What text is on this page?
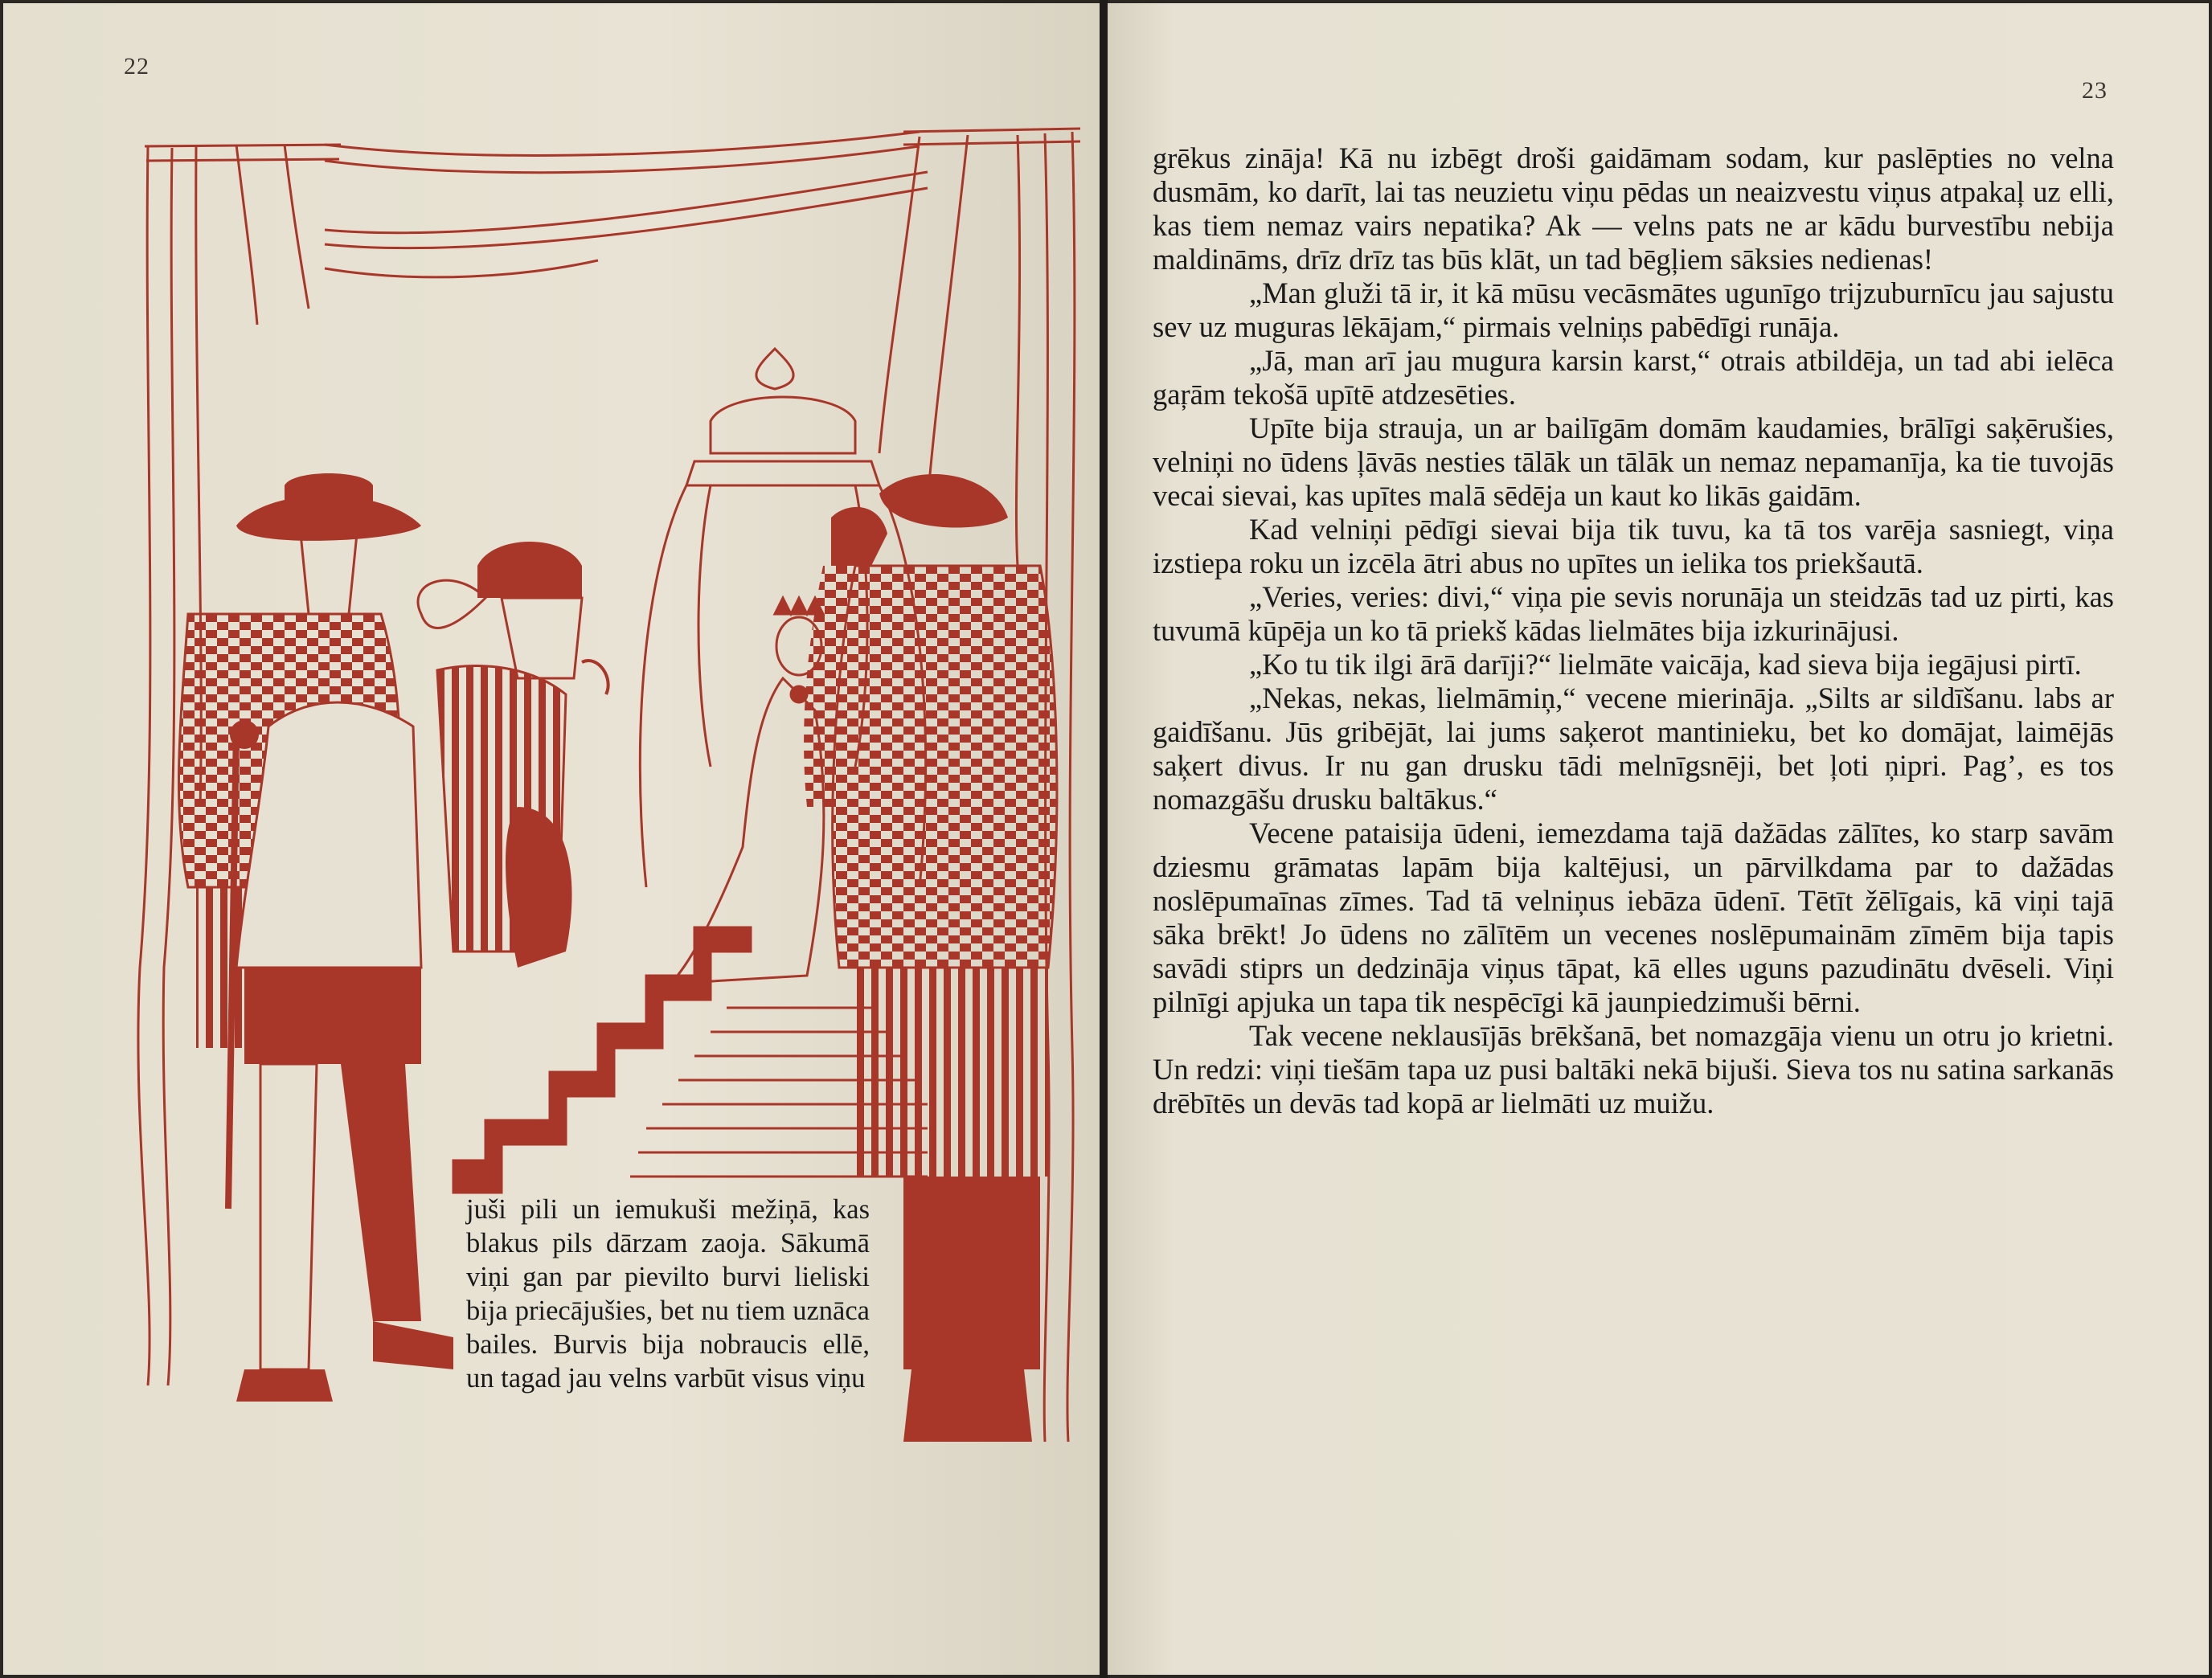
22

juši pili un iemukuši mežiņā, kas blakus pils dārzam zaoja. Sākumā viņi gan par pievilto burvi lieliski bija priecājušies, bet nu tiem uznāca bailes. Burvis bija nobraucis ellē, un tagad jau velns varbūt visus viņu

23

grēkus zināja! Kā nu izbēgt droši gaidāmam sodam, kur paslēpties no velna dusmām, ko darīt, lai tas neuzietu viņu pēdas un neaizvestu viņus atpakaļ uz elli, kas tiem nemaz vairs nepatika? Ak — velns pats ne ar kādu burvestību nebija maldināms, drīz drīz tas būs klāt, un tad bēgļiem sāksies nedienas!

„Man gluži tā ir, it kā mūsu vecāsmātes ugunīgo trijzuburnīcu jau sajustu sev uz muguras lēkājam,“ pirmais velniņs pabēdīgi runāja.

„Jā, man arī jau mugura karsin karst,“ otrais atbildēja, un tad abi ielēca gaŗām tekošā upītē atdzesēties.

Upīte bija strauja, un ar bailīgām domām kaudamies, brālīgi saķērušies, velniņi no ūdens ļāvās nesties tālāk un tālāk un nemaz nepamanīja, ka tie tuvojās vecai sievai, kas upītes malā sēdēja un kaut ko likās gaidām.

Kad velniņi pēdīgi sievai bija tik tuvu, ka tā tos varēja sasniegt, viņa izstiepa roku un izcēla ātri abus no upītes un ielika tos priekšautā.

„Veries, veries: divi,“ viņa pie sevis norunāja un steidzās tad uz pirti, kas tuvumā kūpēja un ko tā priekš kādas lielmātes bija izkurinājusi.

„Ko tu tik ilgi ārā darīji?“ lielmāte vaicāja, kad sieva bija iegājusi pirtī.

„Nekas, nekas, lielmāmiņ,“ vecene mierināja. „Silts ar sildīšanu. labs ar gaidīšanu. Jūs gribējāt, lai jums saķerot mantinieku, bet ko domājat, laimējās saķert divus. Ir nu gan drusku tādi melnīgsnēji, bet ļoti ņipri. Pag’, es tos nomazgāšu drusku baltākus.“

Vecene pataisija ūdeni, iemezdama tajā dažādas zālītes, ko starp savām dziesmu grāmatas lapām bija kaltējusi, un pārvilkdama par to dažādas noslēpumaīnas zīmes. Tad tā velniņus iebāza ūdenī. Tētīt žēlīgais, kā viņi tajā sāka brēkt! Jo ūdens no zālītēm un vecenes noslēpumainām zīmēm bija tapis savādi stiprs un dedzināja viņus tāpat, kā elles uguns pazudinātu dvēseli. Viņi pilnīgi apjuka un tapa tik nespēcīgi kā jaunpiedzimuši bērni.

Tak vecene neklausījās brēkšanā, bet nomazgāja vienu un otru jo krietni. Un redzi: viņi tiešām tapa uz pusi baltāki nekā bijuši. Sieva tos nu satina sarkanās drēbītēs un devās tad kopā ar lielmāti uz muižu.
